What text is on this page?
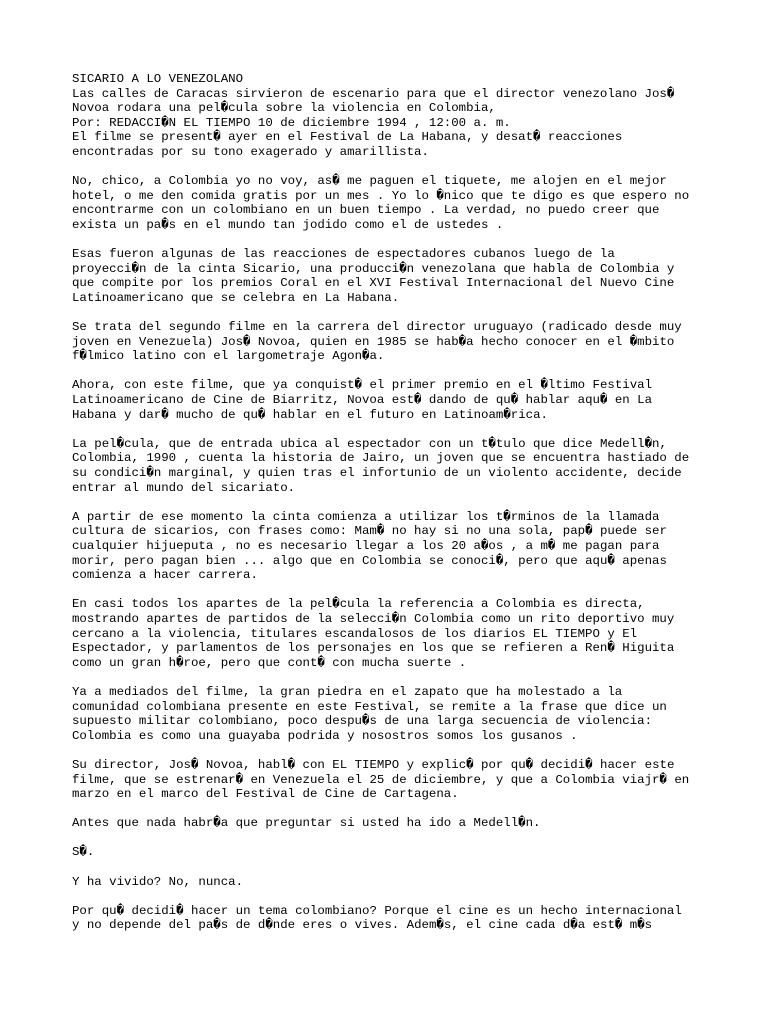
SICARIO A LO VENEZOLANO
Las calles de Caracas sirvieron de escenario para que el director venezolano Jos�
Novoa rodara una pel�cula sobre la violencia en Colombia,
Por: REDACCI�N EL TIEMPO 10 de diciembre 1994 , 12:00 a. m.
El filme se present� ayer en el Festival de La Habana, y desat� reacciones
encontradas por su tono exagerado y amarillista.
No, chico, a Colombia yo no voy, as� me paguen el tiquete, me alojen en el mejor
hotel, o me den comida gratis por un mes . Yo lo �nico que te digo es que espero no
encontrarme con un colombiano en un buen tiempo . La verdad, no puedo creer que
exista un pa�s en el mundo tan jodido como el de ustedes .
Esas fueron algunas de las reacciones de espectadores cubanos luego de la
proyecci�n de la cinta Sicario, una producci�n venezolana que habla de Colombia y
que compite por los premios Coral en el XVI Festival Internacional del Nuevo Cine
Latinoamericano que se celebra en La Habana.
Se trata del segundo filme en la carrera del director uruguayo (radicado desde muy
joven en Venezuela) Jos� Novoa, quien en 1985 se hab�a hecho conocer en el �mbito
f�lmico latino con el largometraje Agon�a.
Ahora, con este filme, que ya conquist� el primer premio en el �ltimo Festival
Latinoamericano de Cine de Biarritz, Novoa est� dando de qu� hablar aqu� en La
Habana y dar� mucho de qu� hablar en el futuro en Latinoam�rica.
La pel�cula, que de entrada ubica al espectador con un t�tulo que dice Medell�n,
Colombia, 1990 , cuenta la historia de Jairo, un joven que se encuentra hastiado de
su condici�n marginal, y quien tras el infortunio de un violento accidente, decide
entrar al mundo del sicariato.
A partir de ese momento la cinta comienza a utilizar los t�rminos de la llamada
cultura de sicarios, con frases como: Mam� no hay si no una sola, pap� puede ser
cualquier hijueputa , no es necesario llegar a los 20 a�os , a m� me pagan para
morir, pero pagan bien ... algo que en Colombia se conoci�, pero que aqu� apenas
comienza a hacer carrera.
En casi todos los apartes de la pel�cula la referencia a Colombia es directa,
mostrando apartes de partidos de la selecci�n Colombia como un rito deportivo muy
cercano a la violencia, titulares escandalosos de los diarios EL TIEMPO y El
Espectador, y parlamentos de los personajes en los que se refieren a Ren� Higuita
como un gran h�roe, pero que cont� con mucha suerte .
Ya a mediados del filme, la gran piedra en el zapato que ha molestado a la
comunidad colombiana presente en este Festival, se remite a la frase que dice un
supuesto militar colombiano, poco despu�s de una larga secuencia de violencia:
Colombia es como una guayaba podrida y nosostros somos los gusanos .
Su director, Jos� Novoa, habl� con EL TIEMPO y explic� por qu� decidi� hacer este
filme, que se estrenar� en Venezuela el 25 de diciembre, y que a Colombia viajr� en
marzo en el marco del Festival de Cine de Cartagena.
Antes que nada habr�a que preguntar si usted ha ido a Medell�n.
S�.
Y ha vivido? No, nunca.
Por qu� decidi� hacer un tema colombiano? Porque el cine es un hecho internacional
y no depende del pa�s de d�nde eres o vives. Adem�s, el cine cada d�a est� m�s
